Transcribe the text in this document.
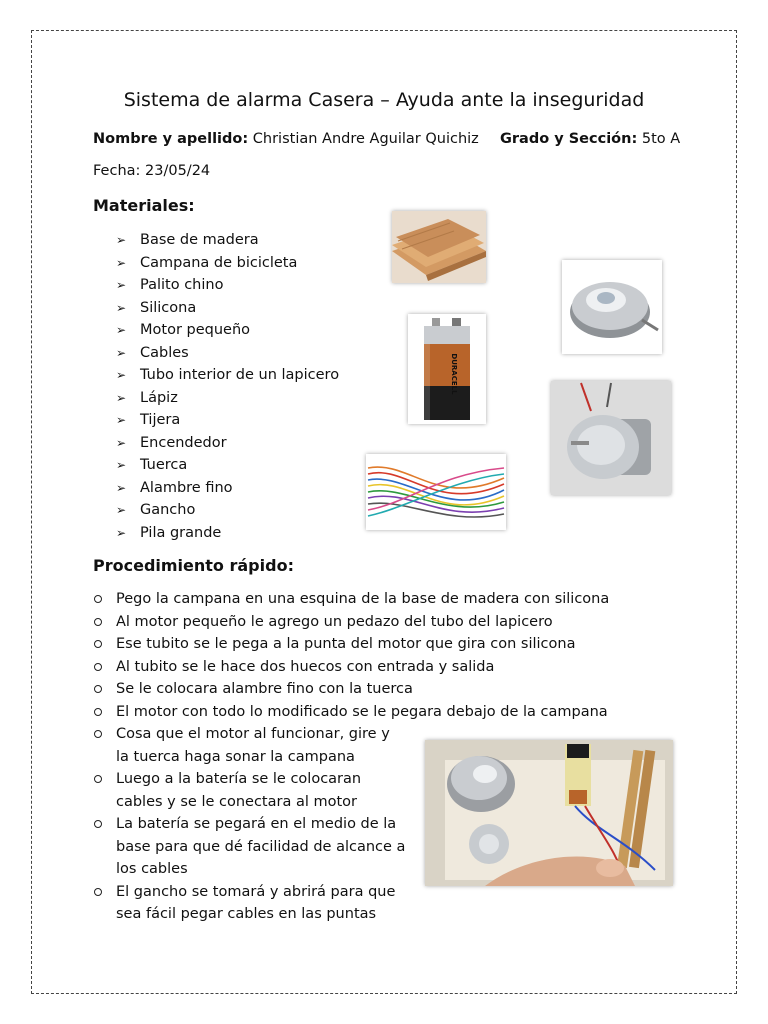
Sistema de alarma Casera – Ayuda ante la inseguridad
Nombre y apellido: Christian Andre Aguilar Quichiz Grado y Sección: 5to A
Fecha: 23/05/24
Materiales:
➢ Base de madera
➢ Campana de bicicleta
➢ Palito chino
➢ Silicona
➢ Motor pequeño
➢ Cables
➢ Tubo interior de un lapicero
➢ Lápiz
➢ Tijera
➢ Encendedor
➢ Tuerca
➢ Alambre fino
➢ Gancho
➢ Pila grande
DURACELL
Procedimiento rápido:
Pego la campana en una esquina de la base de madera con silicona
Al motor pequeño le agrego un pedazo del tubo del lapicero
Ese tubito se le pega a la punta del motor que gira con silicona
Al tubito se le hace dos huecos con entrada y salida
Se le colocara alambre fino con la tuerca
El motor con todo lo modificado se le pegara debajo de la campana
Cosa que el motor al funcionar, gire y la tuerca haga sonar la campana
Luego a la batería se le colocaran cables y se le conectara al motor
La batería se pegará en el medio de la base para que dé facilidad de alcance a los cables
El gancho se tomará y abrirá para que sea fácil pegar cables en las puntas
